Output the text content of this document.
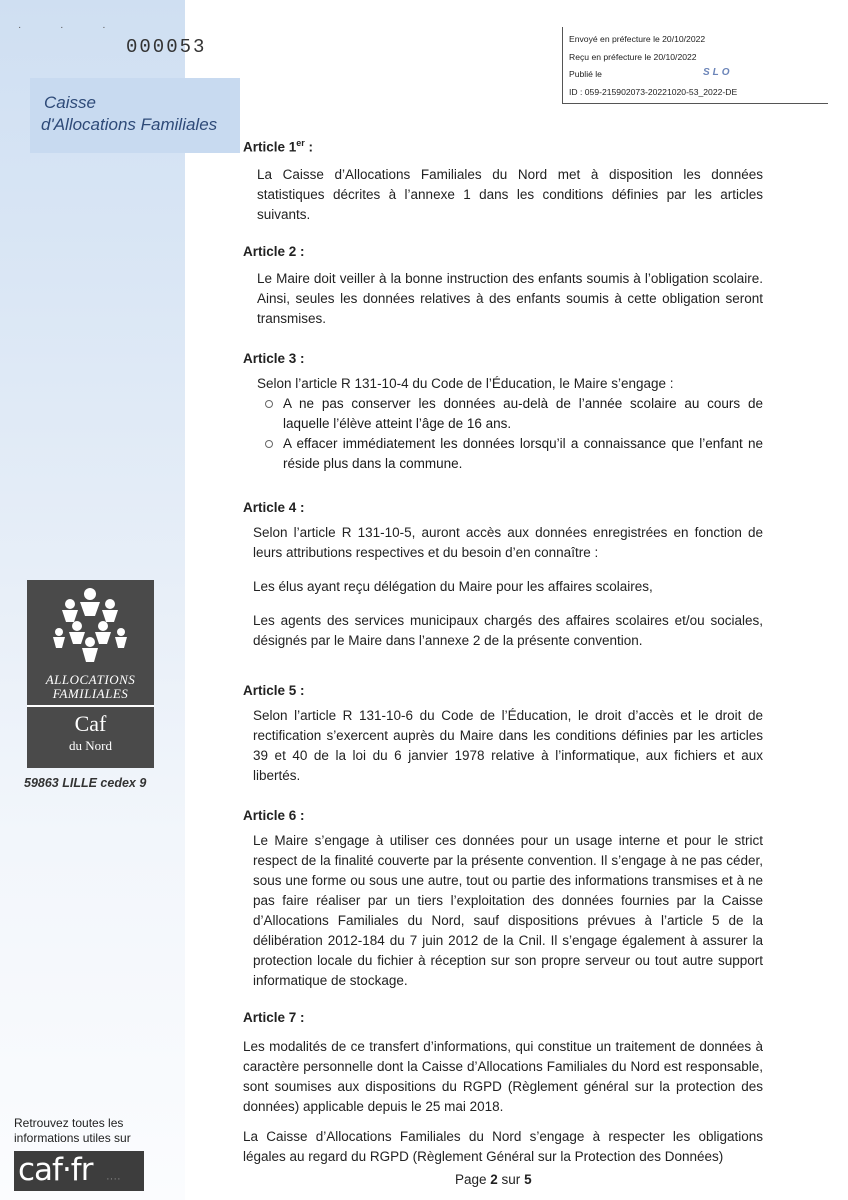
· · ·
000053
Caisse
d'Allocations Familiales
Envoyé en préfecture le 20/10/2022
Reçu en préfecture le 20/10/2022
Publié le
ID : 059-215902073-20221020-53_2022-DE
SLO
ALLOCATIONS
FAMILIALES
Caf
du Nord
59863 LILLE cedex 9
Retrouvez toutes les informations utiles sur
caf·fr ····
Article 1er :

La Caisse d’Allocations Familiales du Nord met à disposition les données statistiques décrites à l’annexe 1 dans les conditions définies par les articles suivants.

Article 2 :

Le Maire doit veiller à la bonne instruction des enfants soumis à l’obligation scolaire. Ainsi, seules les données relatives à des enfants soumis à cette obligation seront transmises.

Article 3 :

Selon l’article R 131-10-4 du Code de l’Éducation, le Maire s’engage :

A ne pas conserver les données au-delà de l’année scolaire au cours de laquelle l’élève atteint l’âge de 16 ans.
A effacer immédiatement les données lorsqu’il a connaissance que l’enfant ne réside plus dans la commune.
Article 4 :

Selon l’article R 131-10-5, auront accès aux données enregistrées en fonction de leurs attributions respectives et du besoin d’en connaître :

Les élus ayant reçu délégation du Maire pour les affaires scolaires,

Les agents des services municipaux chargés des affaires scolaires et/ou sociales, désignés par le Maire dans l’annexe 2 de la présente convention.

Article 5 :

Selon l’article R 131-10-6 du Code de l’Éducation, le droit d’accès et le droit de rectification s’exercent auprès du Maire dans les conditions définies par les articles 39 et 40 de la loi du 6 janvier 1978 relative à l’informatique, aux fichiers et aux libertés.

Article 6 :

Le Maire s’engage à utiliser ces données pour un usage interne et pour le strict respect de la finalité couverte par la présente convention. Il s’engage à ne pas céder, sous une forme ou sous une autre, tout ou partie des informations transmises et à ne pas faire réaliser par un tiers l’exploitation des données fournies par la Caisse d’Allocations Familiales du Nord, sauf dispositions prévues à l’article 5 de la délibération 2012-184 du 7 juin 2012 de la Cnil. Il s’engage également à assurer la protection locale du fichier à réception sur son propre serveur ou tout autre support informatique de stockage.

Article 7 :

Les modalités de ce transfert d’informations, qui constitue un traitement de données à caractère personnelle dont la Caisse d’Allocations Familiales du Nord est responsable, sont soumises aux dispositions du RGPD (Règlement général sur la protection des données) applicable depuis le 25 mai 2018.

La Caisse d’Allocations Familiales du Nord s’engage à respecter les obligations légales au regard du RGPD (Règlement Général sur la Protection des Données)

Page 2 sur 5
